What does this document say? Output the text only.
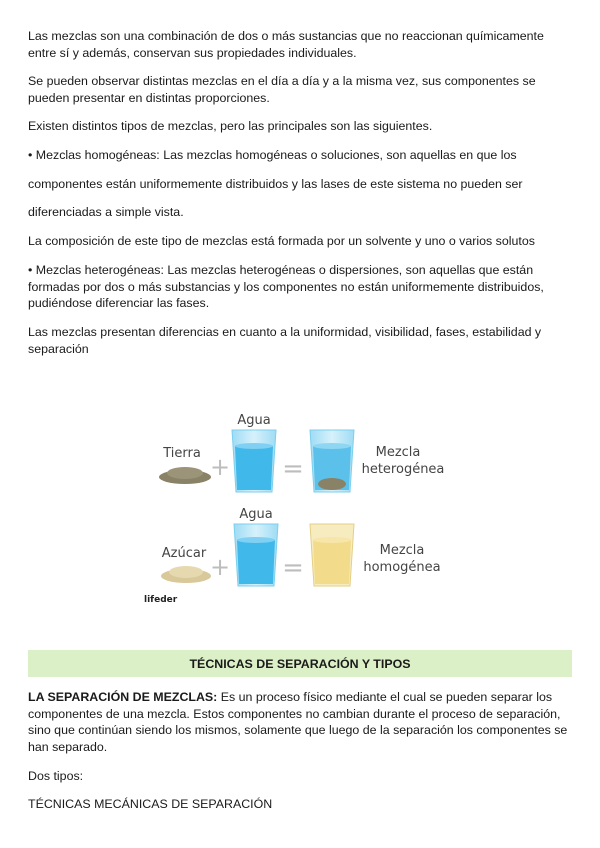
Las mezclas son una combinación de dos o más sustancias que no reaccionan químicamente entre sí y además, conservan sus propiedades individuales.

Se pueden observar distintas mezclas en el día a día y a la misma vez, sus componentes se pueden presentar en distintas proporciones.

Existen distintos tipos de mezclas, pero las principales son las siguientes.

• Mezclas homogéneas: Las mezclas homogéneas o soluciones, son aquellas en que los

componentes están uniformemente distribuidos y las lases de este sistema no pueden ser

diferenciadas a simple vista.

La composición de este tipo de mezclas está formada por un solvente y uno o varios solutos

• Mezclas heterogéneas: Las mezclas heterogéneas o dispersiones, son aquellas que están formadas por dos o más substancias y los componentes no están uniformemente distribuidos, pudiéndose diferenciar las fases.

Las mezclas presentan diferencias en cuanto a la uniformidad, visibilidad, fases, estabilidad y separación

Agua
Tierra + =
Mezcla
heterogénea
Agua
Azúcar + =
Mezcla
homogénea
lifeder
TÉCNICAS DE SEPARACIÓN Y TIPOS

LA SEPARACIÓN DE MEZCLAS: Es un proceso físico mediante el cual se pueden separar los componentes de una mezcla. Estos componentes no cambian durante el proceso de separación, sino que continúan siendo los mismos, solamente que luego de la separación los componentes se han separado.

Dos tipos:

TÉCNICAS MECÁNICAS DE SEPARACIÓN
